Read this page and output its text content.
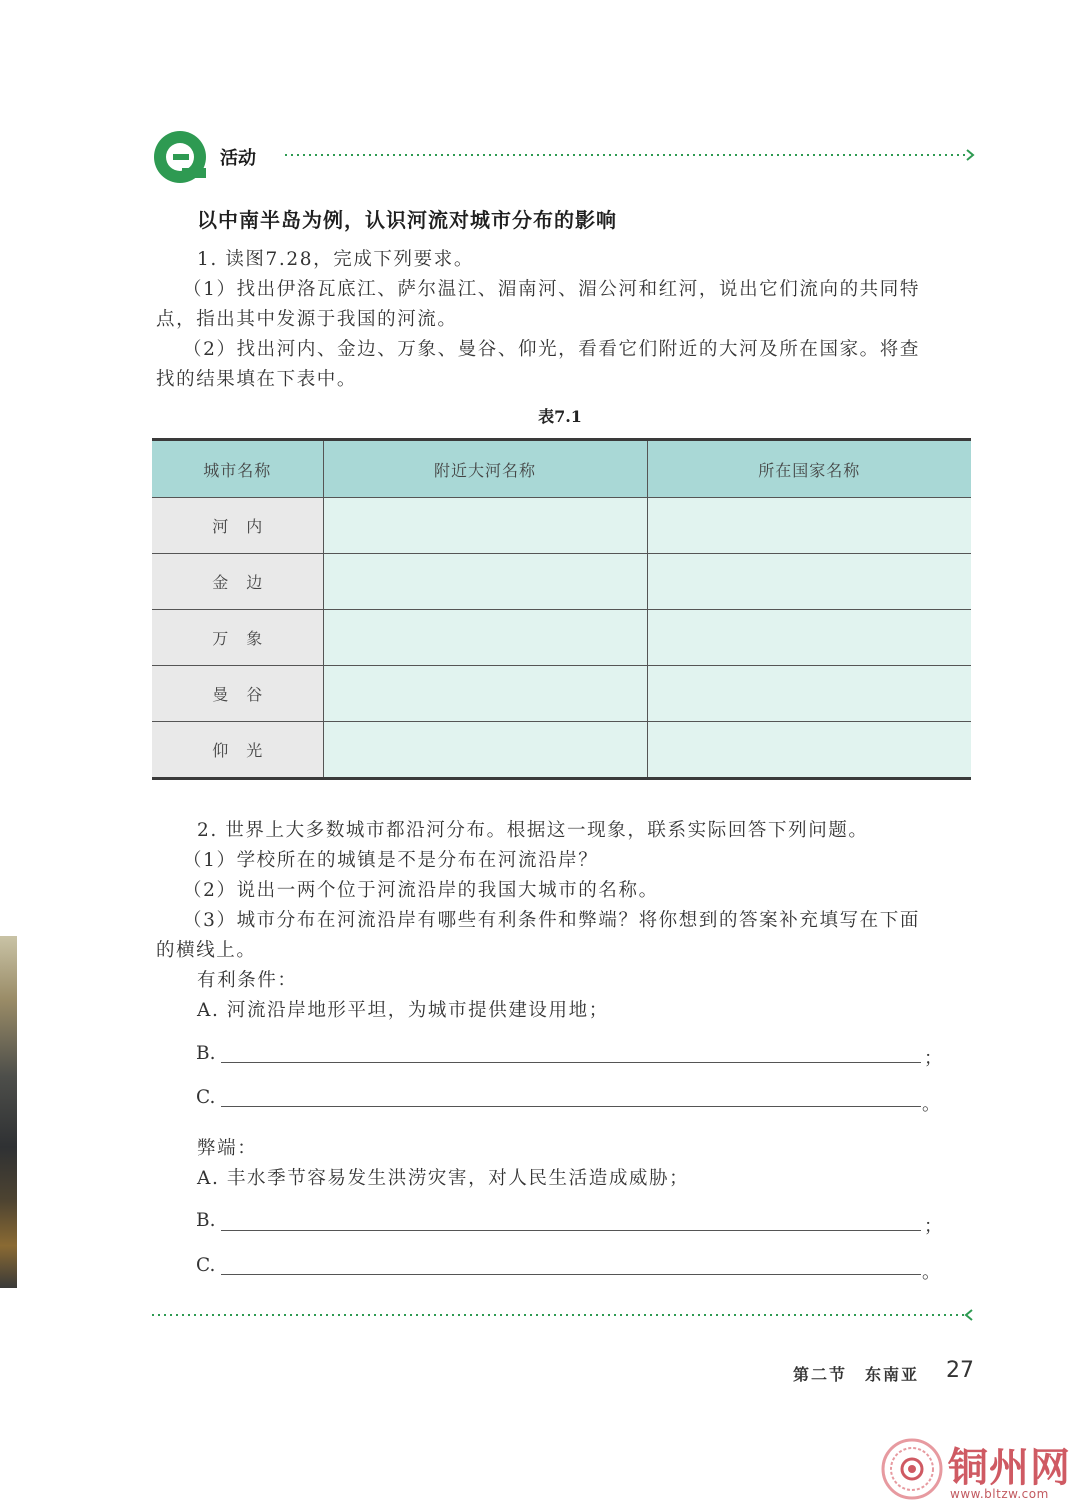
活动
以中南半岛为例，认识河流对城市分布的影响
1. 读图7.28，完成下列要求。
（1）找出伊洛瓦底江、萨尔温江、湄南河、湄公河和红河，说出它们流向的共同特
点，指出其中发源于我国的河流。
（2）找出河内、金边、万象、曼谷、仰光，看看它们附近的大河及所在国家。将查
找的结果填在下表中。
表7.1
城市名称	附近大河名称	所在国家名称
河内		
金边		
万象		
曼谷		
仰光		
2. 世界上大多数城市都沿河分布。根据这一现象，联系实际回答下列问题。
（1）学校所在的城镇是不是分布在河流沿岸？
（2）说出一两个位于河流沿岸的我国大城市的名称。
（3）城市分布在河流沿岸有哪些有利条件和弊端？将你想到的答案补充填写在下面
的横线上。
有利条件：
A. 河流沿岸地形平坦，为城市提供建设用地；
B.	；
C.	。
弊端：
A. 丰水季节容易发生洪涝灾害，对人民生活造成威胁；
B.	；
C.	。
第二节　东南亚 27
铜州网
www.bltzw.com
